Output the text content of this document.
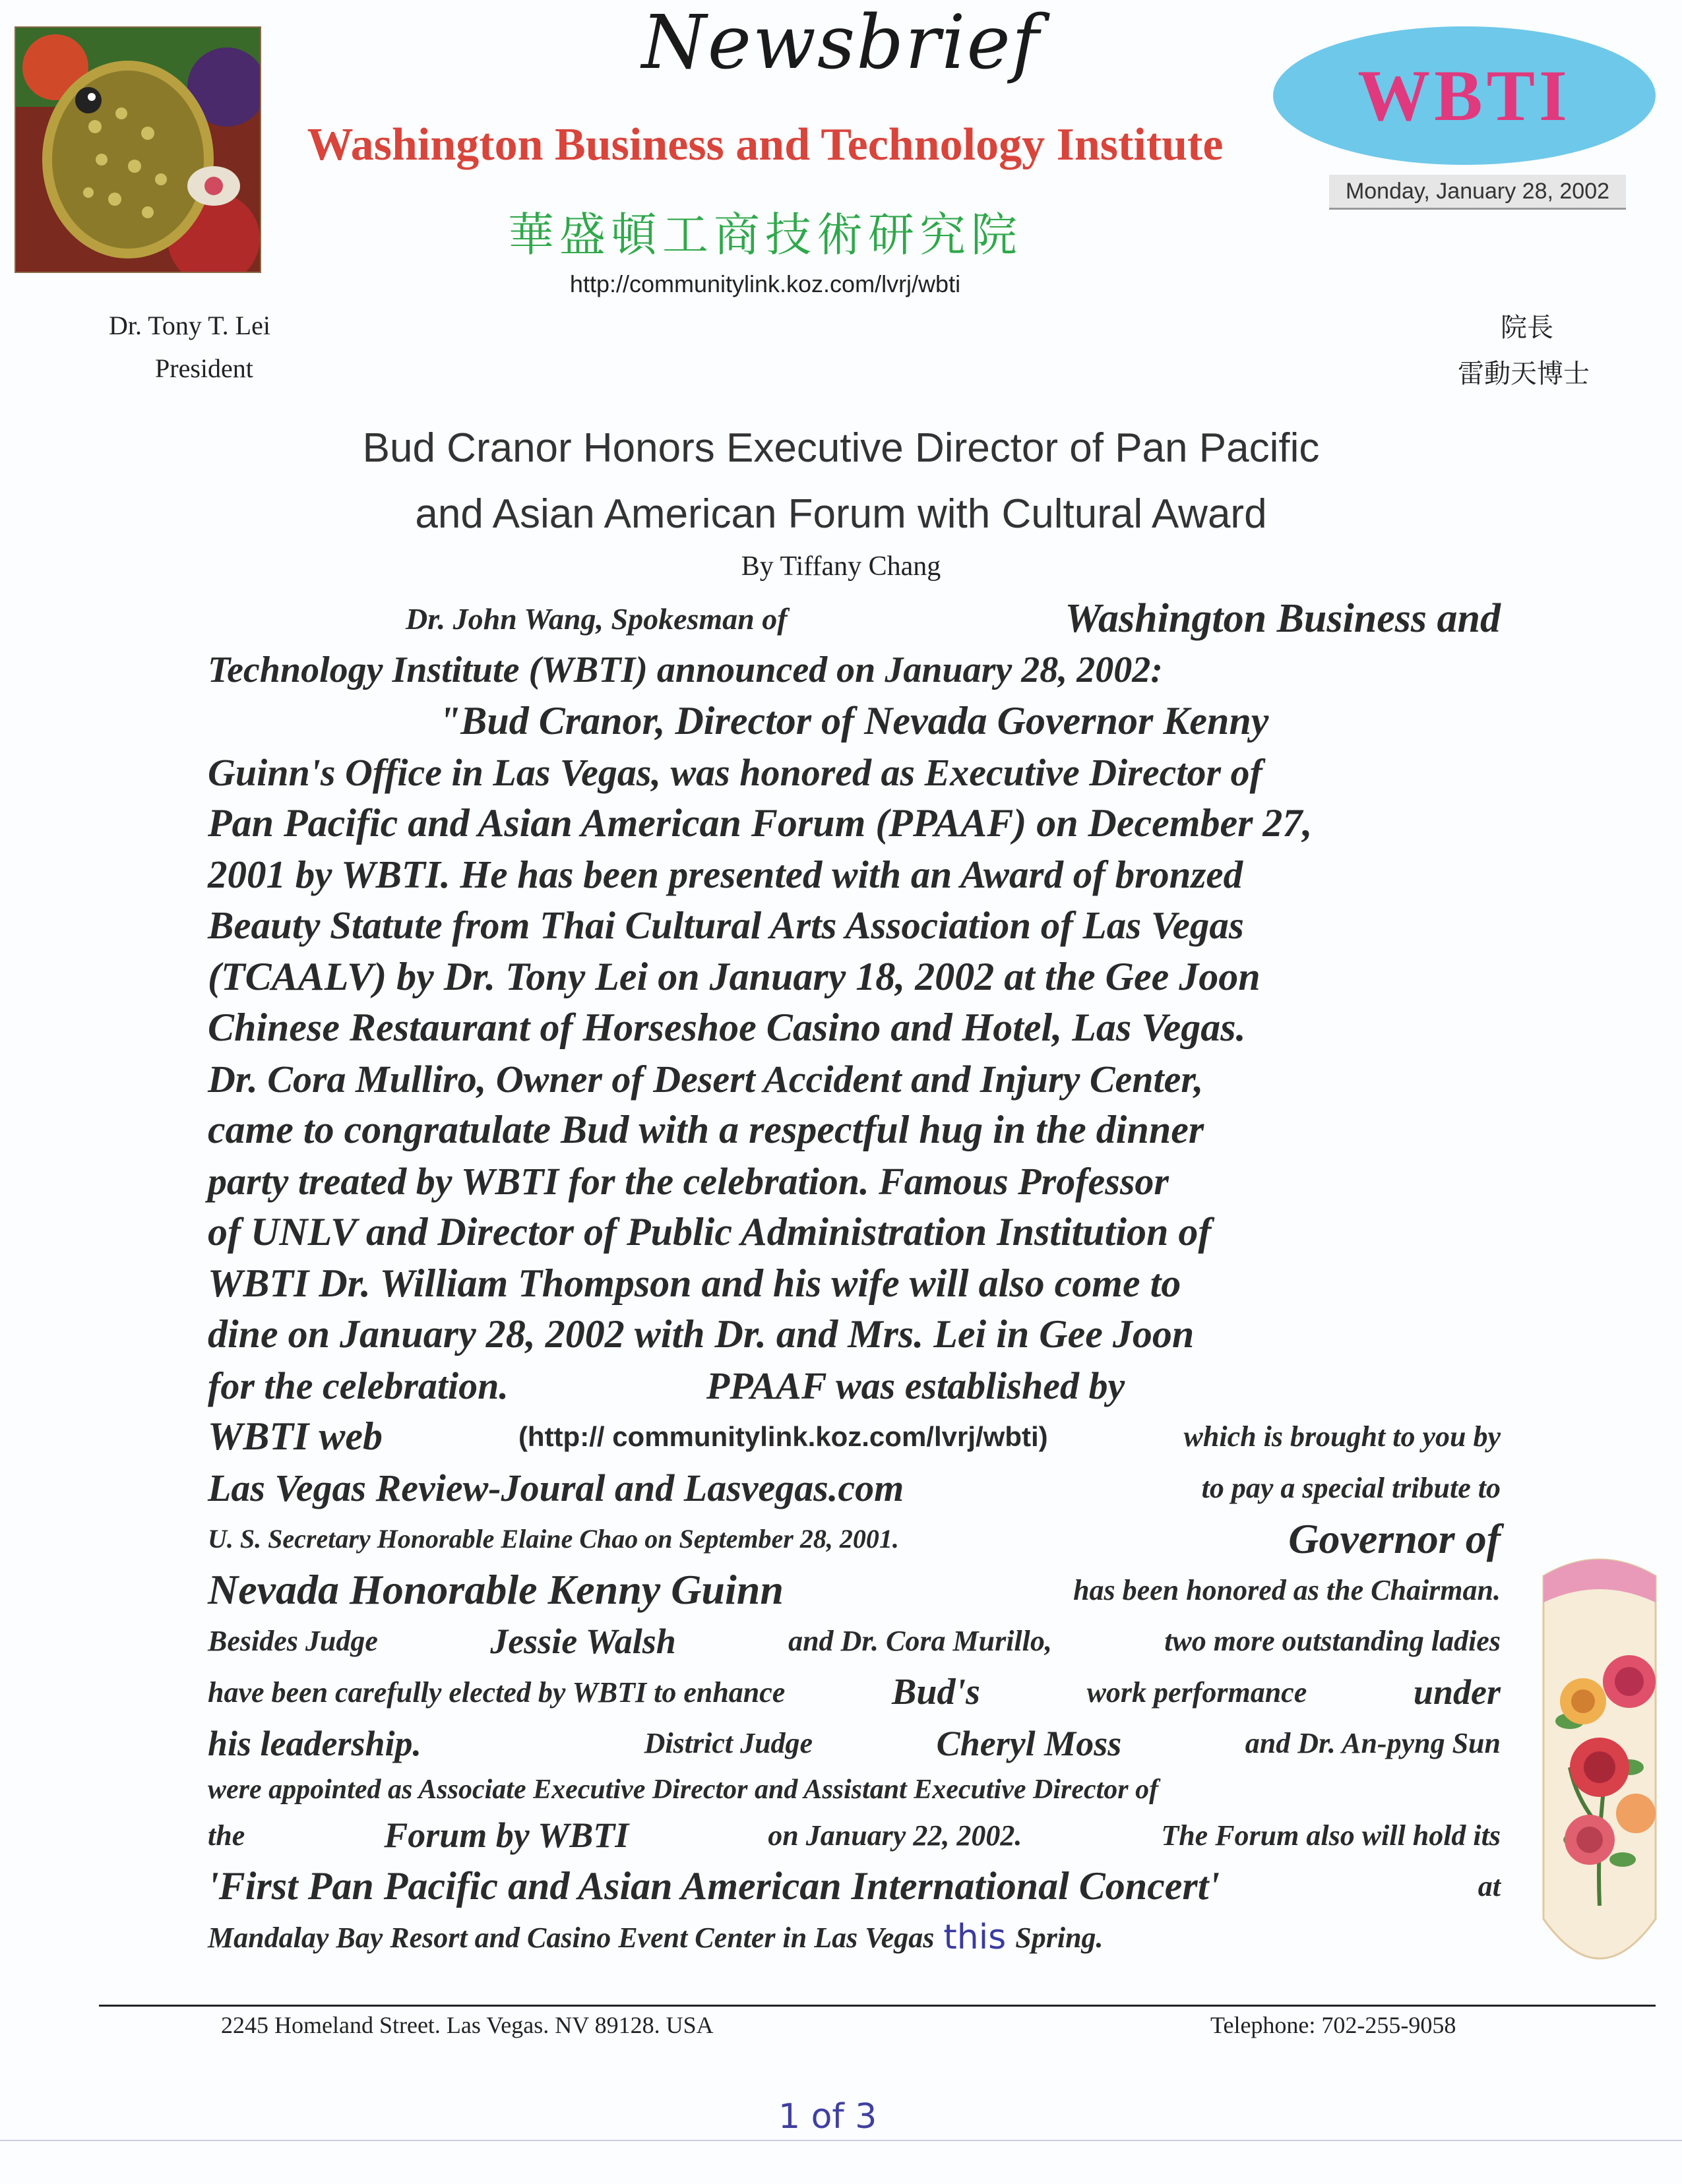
Newsbrief
Washington Business and Technology Institute
華盛頓工商技術研究院
http://communitylink.koz.com/lvrj/wbti
WBTI
Monday, January 28, 2002
Dr. Tony T. Lei
President
院長
雷動天博士
Bud Cranor Honors Executive Director of Pan Pacific
and Asian American Forum with Cultural Award
By Tiffany Chang
Dr. John Wang, Spokesman of	Washington Business and
Technology Institute (WBTI) announced on January 28, 2002:
"Bud Cranor, Director of Nevada Governor Kenny
Guinn's Office in Las Vegas, was honored as Executive Director of
Pan Pacific and Asian American Forum (PPAAF) on December 27,
2001 by WBTI. He has been presented with an Award of bronzed
Beauty Statute from Thai Cultural Arts Association of Las Vegas
(TCAALV) by Dr. Tony Lei on January 18, 2002 at the Gee Joon
Chinese Restaurant of Horseshoe Casino and Hotel, Las Vegas.
Dr. Cora Mulliro, Owner of Desert Accident and Injury Center,
came to congratulate Bud with a respectful hug in the dinner
party treated by WBTI for the celebration. Famous Professor
of UNLV and Director of Public Administration Institution of
WBTI Dr. William Thompson and his wife will also come to
dine on January 28, 2002 with Dr. and Mrs. Lei in Gee Joon
for the celebration.	PPAAF was established by
WBTI web	(http:// communitylink.koz.com/lvrj/wbti)	which is brought to you by
Las Vegas Review-Joural and Lasvegas.com	to pay a special tribute to
U. S. Secretary Honorable Elaine Chao on September 28, 2001.	Governor of
Nevada Honorable Kenny Guinn	has been honored as the Chairman.
Besides Judge	Jessie Walsh	and Dr. Cora Murillo,	two more outstanding ladies
have been carefully elected by WBTI to enhance	Bud's	work performance	under
his leadership.	District Judge	Cheryl Moss	and Dr. An-pyng Sun
were appointed as Associate Executive Director and Assistant Executive Director of
the	Forum by WBTI	on January 22, 2002.	The Forum also will hold its
'First Pan Pacific and Asian American International Concert'	at
Mandalay Bay Resort and Casino Event Center in Las Vegas this Spring.
2245 Homeland Street. Las Vegas. NV 89128. USA	Telephone: 702-255-9058
1 of 3
